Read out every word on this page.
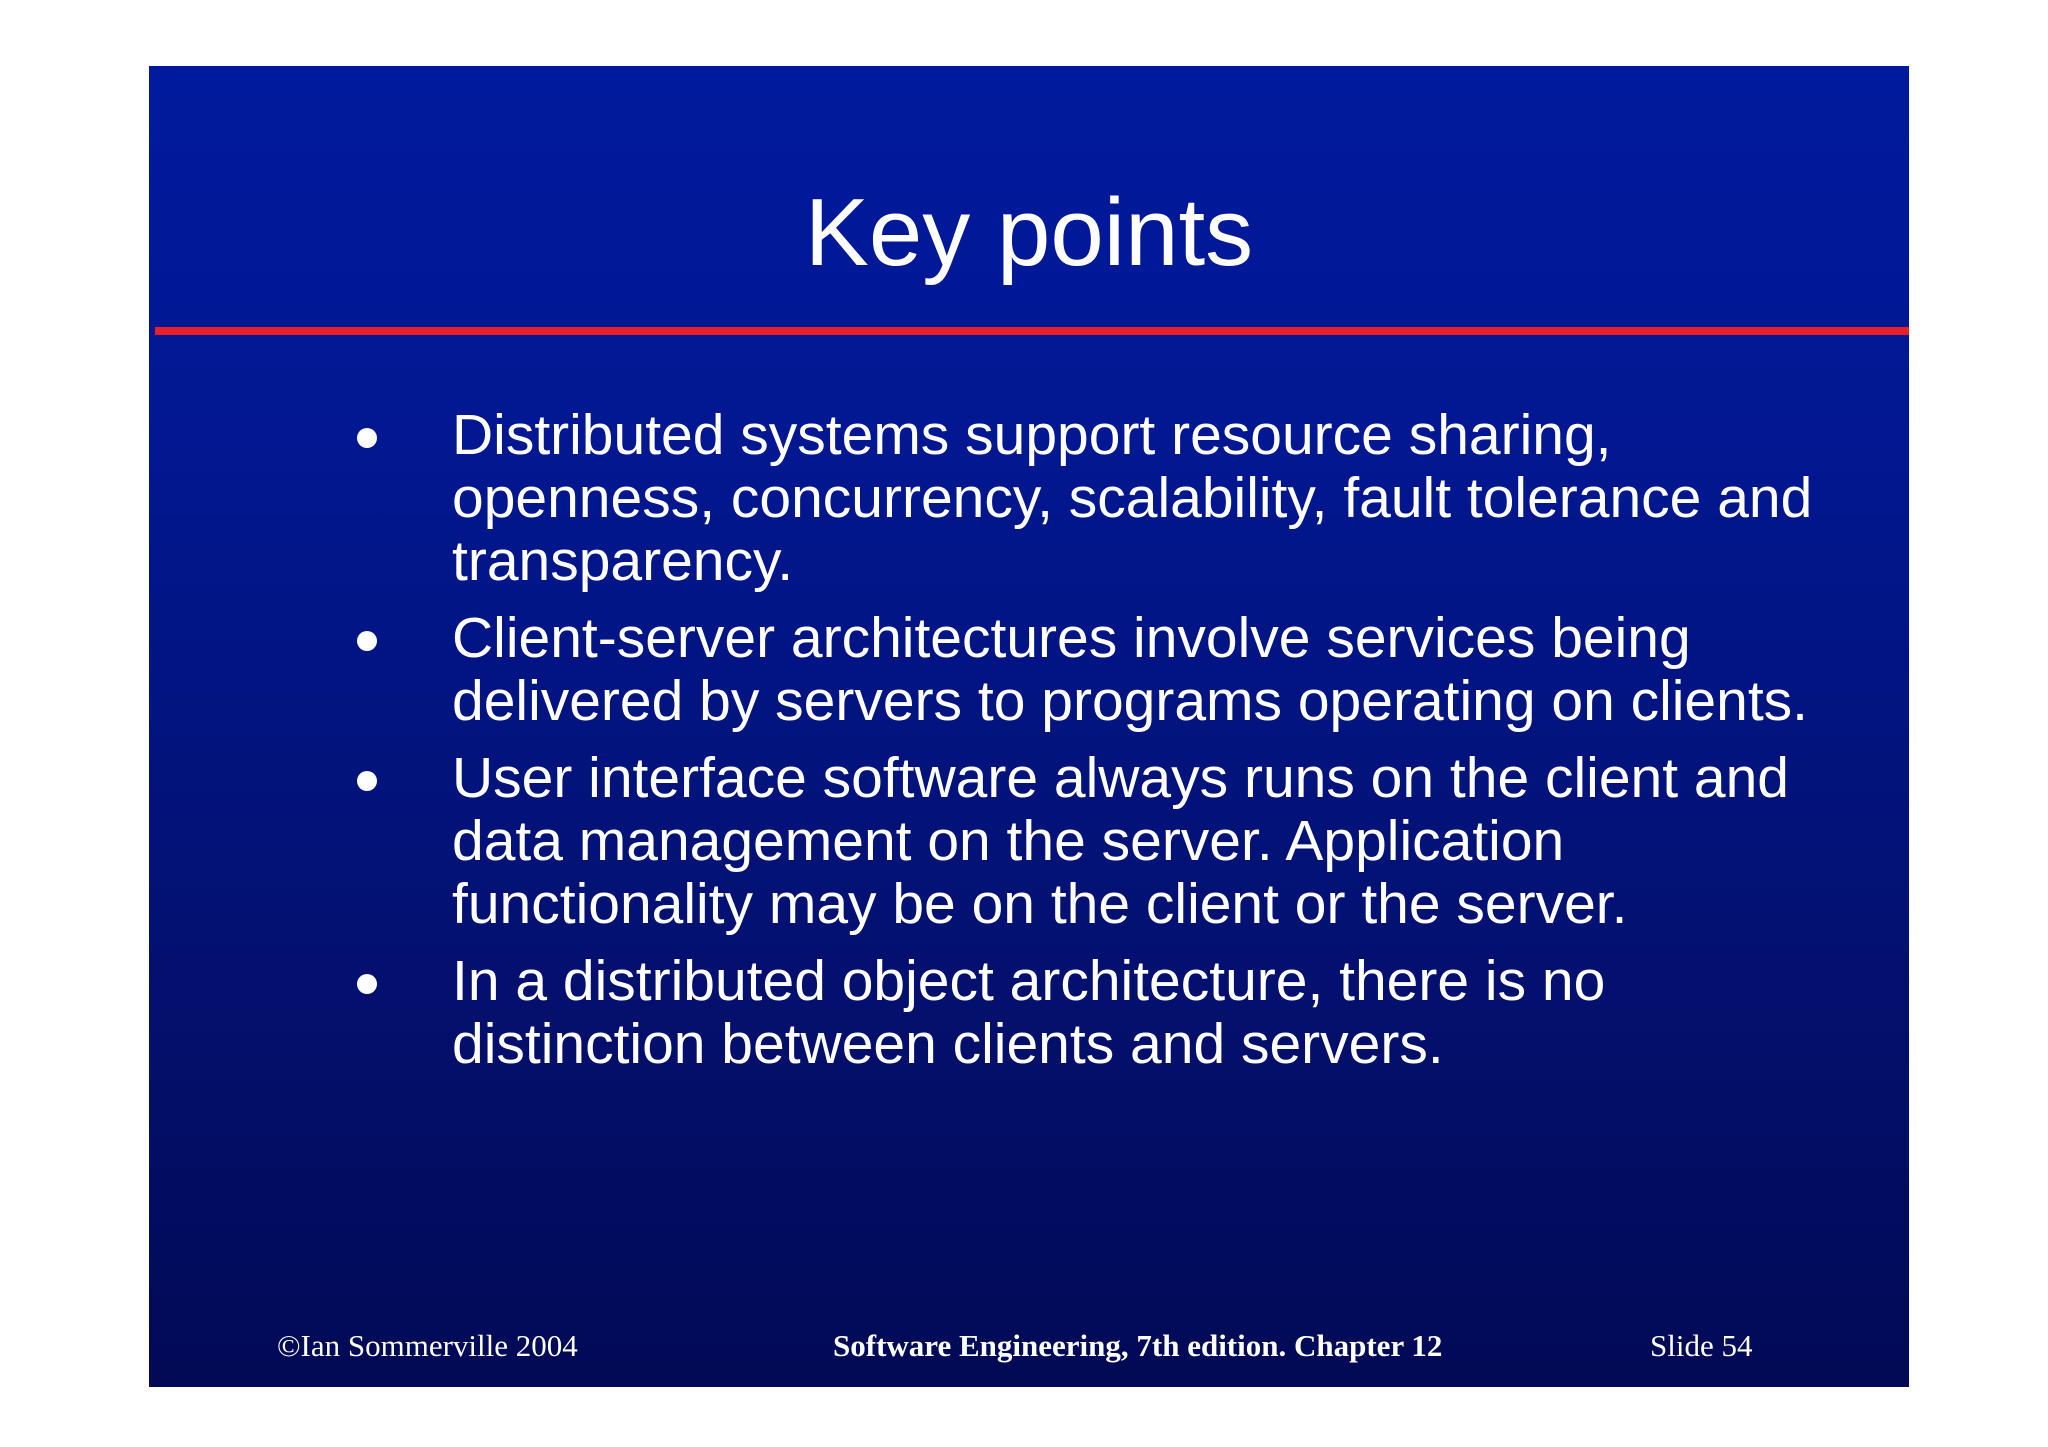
Key points
Distributed systems support resource sharing, openness, concurrency, scalability, fault tolerance and transparency.
Client-server architectures involve services being delivered by servers to programs operating on clients.
User interface software always runs on the client and data management on the server. Application functionality may be on the client or the server.
In a distributed object architecture, there is no distinction between clients and servers.
©Ian Sommerville 2004	Software Engineering, 7th edition. Chapter 12	Slide 54
